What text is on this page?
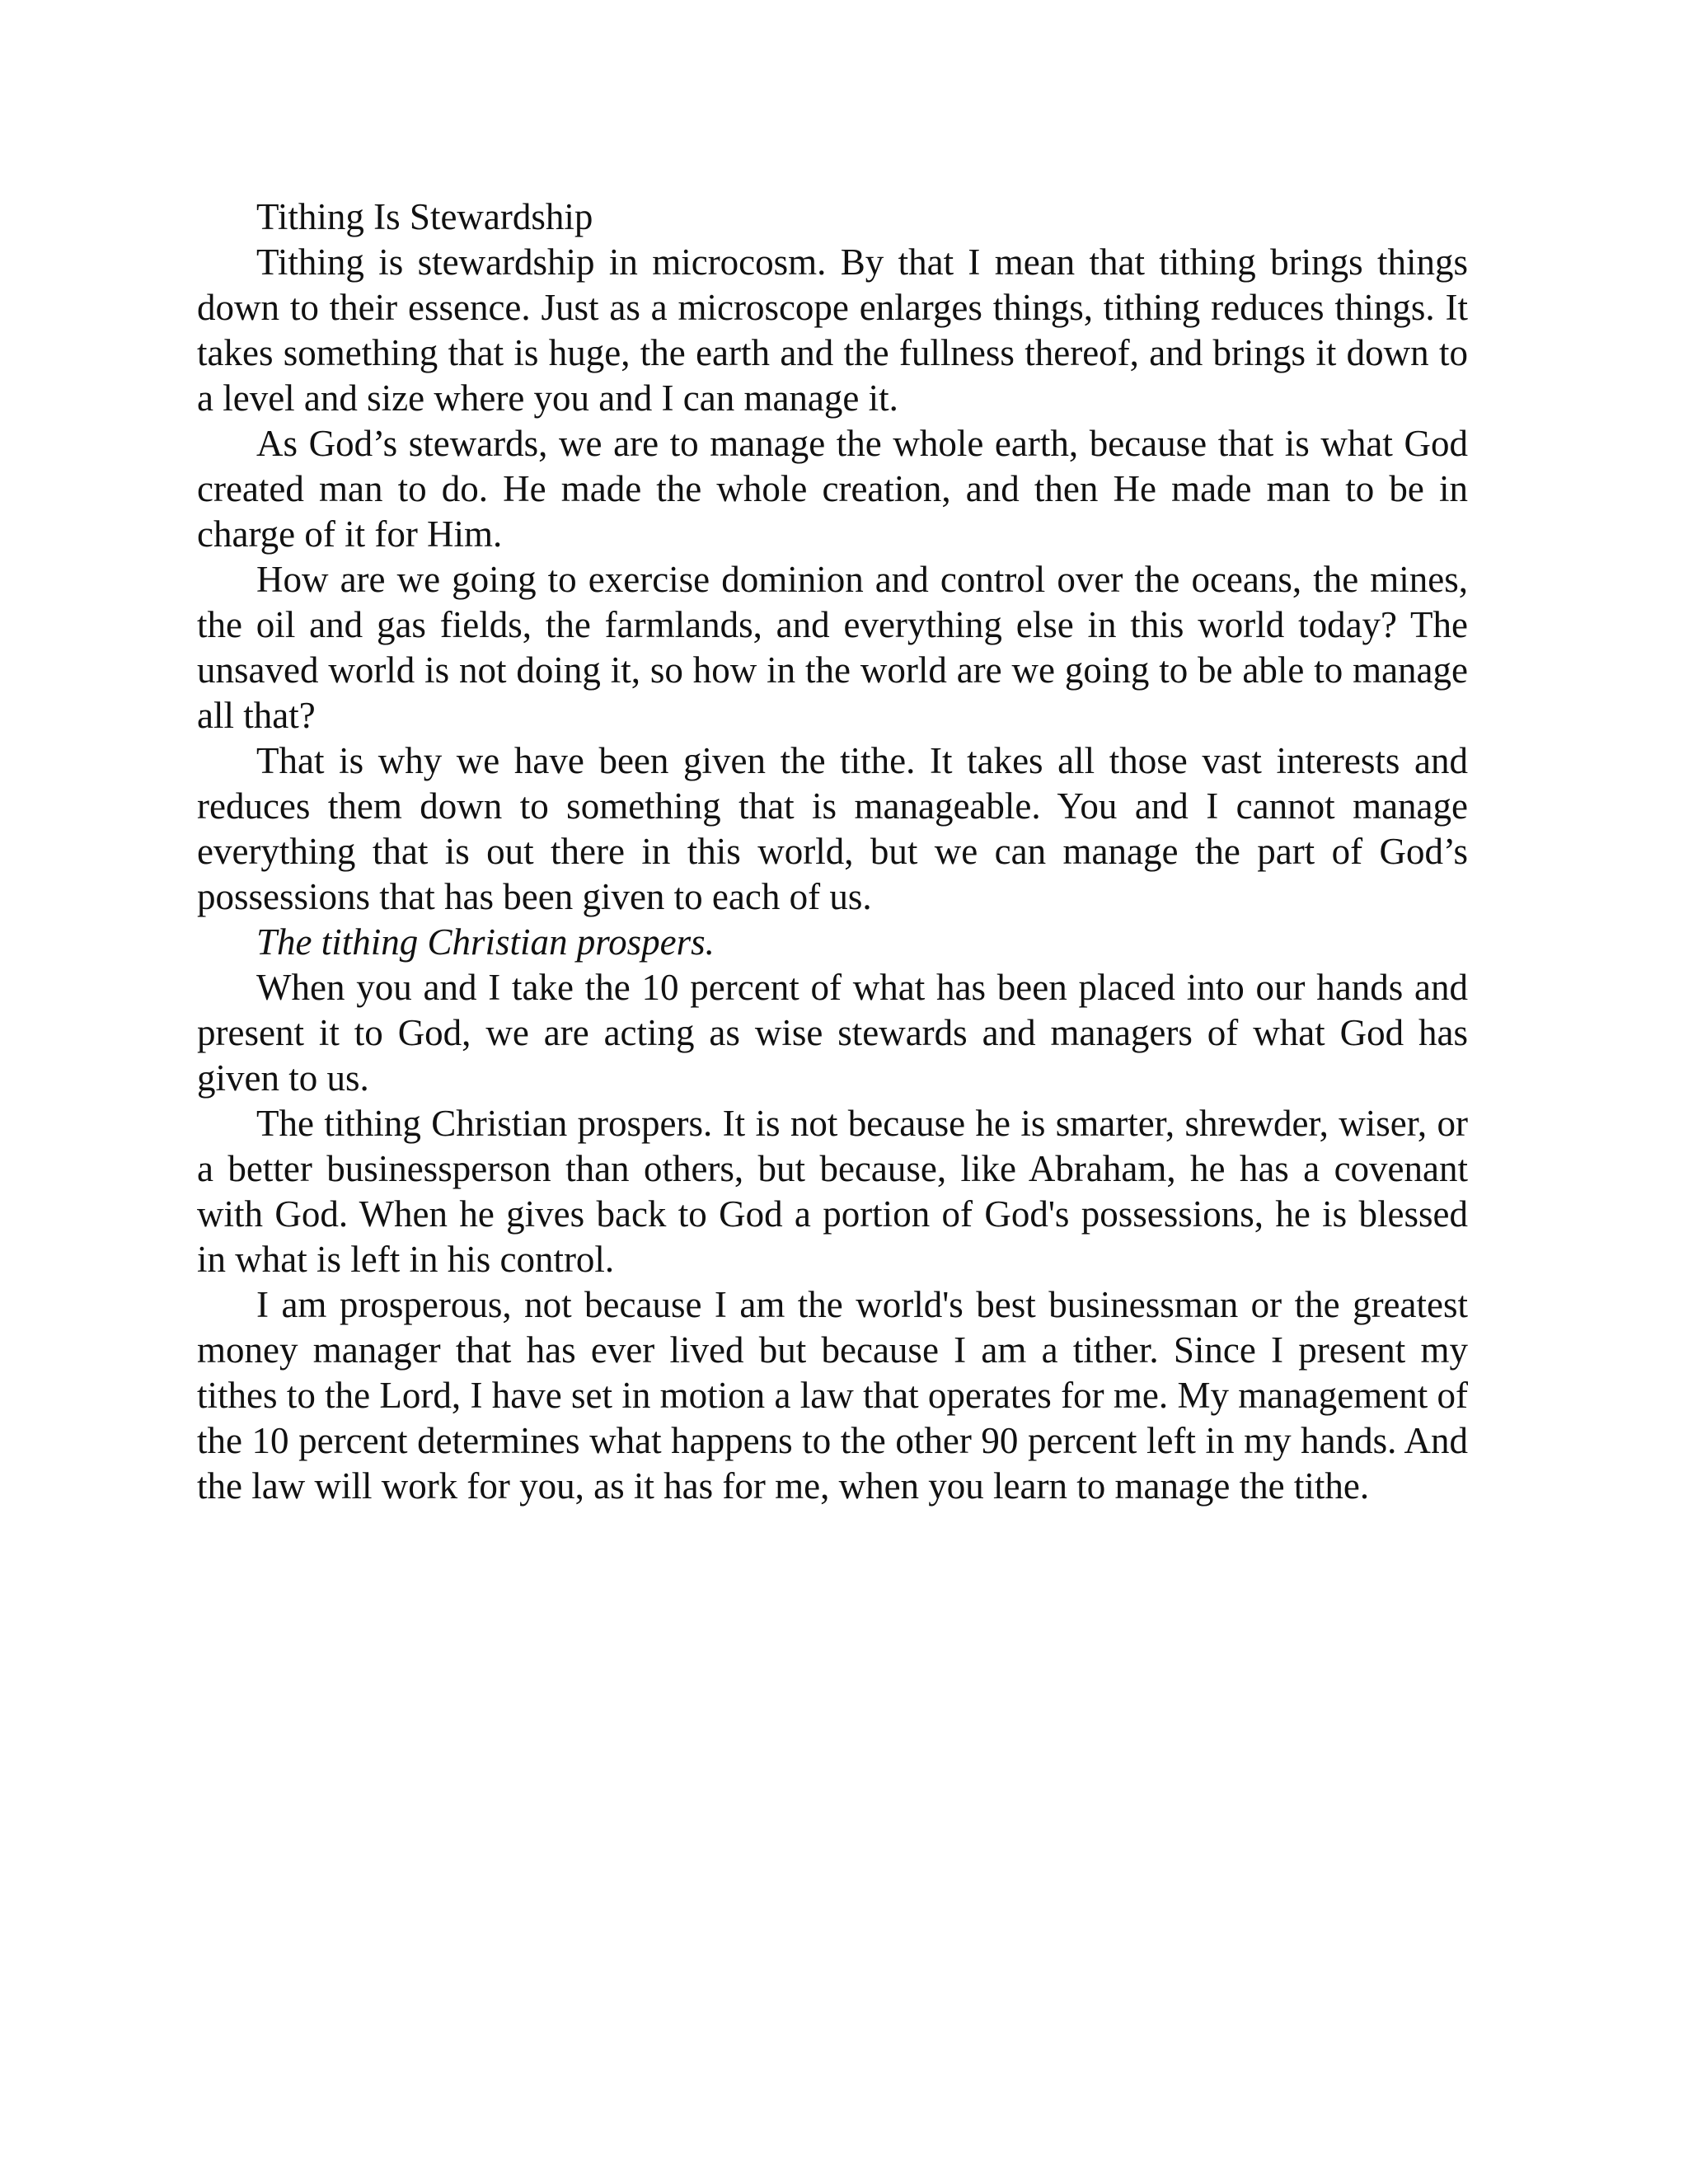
Tithing Is Stewardship

Tithing is stewardship in microcosm. By that I mean that tithing brings things down to their essence. Just as a microscope enlarges things, tithing reduces things. It takes something that is huge, the earth and the fullness thereof, and brings it down to a level and size where you and I can manage it.

As God’s stewards, we are to manage the whole earth, because that is what God created man to do. He made the whole creation, and then He made man to be in charge of it for Him.

How are we going to exercise dominion and control over the oceans, the mines, the oil and gas fields, the farmlands, and everything else in this world today? The unsaved world is not doing it, so how in the world are we going to be able to manage all that?

That is why we have been given the tithe. It takes all those vast interests and reduces them down to something that is manageable. You and I cannot manage everything that is out there in this world, but we can manage the part of God’s possessions that has been given to each of us.

The tithing Christian prospers.

When you and I take the 10 percent of what has been placed into our hands and present it to God, we are acting as wise stewards and managers of what God has given to us.

The tithing Christian prospers. It is not because he is smarter, shrewder, wiser, or a better businessperson than others, but because, like Abraham, he has a covenant with God. When he gives back to God a portion of God's possessions, he is blessed in what is left in his control.

I am prosperous, not because I am the world's best businessman or the greatest money manager that has ever lived but because I am a tither. Since I present my tithes to the Lord, I have set in motion a law that operates for me. My management of the 10 percent determines what happens to the other 90 percent left in my hands. And the law will work for you, as it has for me, when you learn to manage the tithe.
